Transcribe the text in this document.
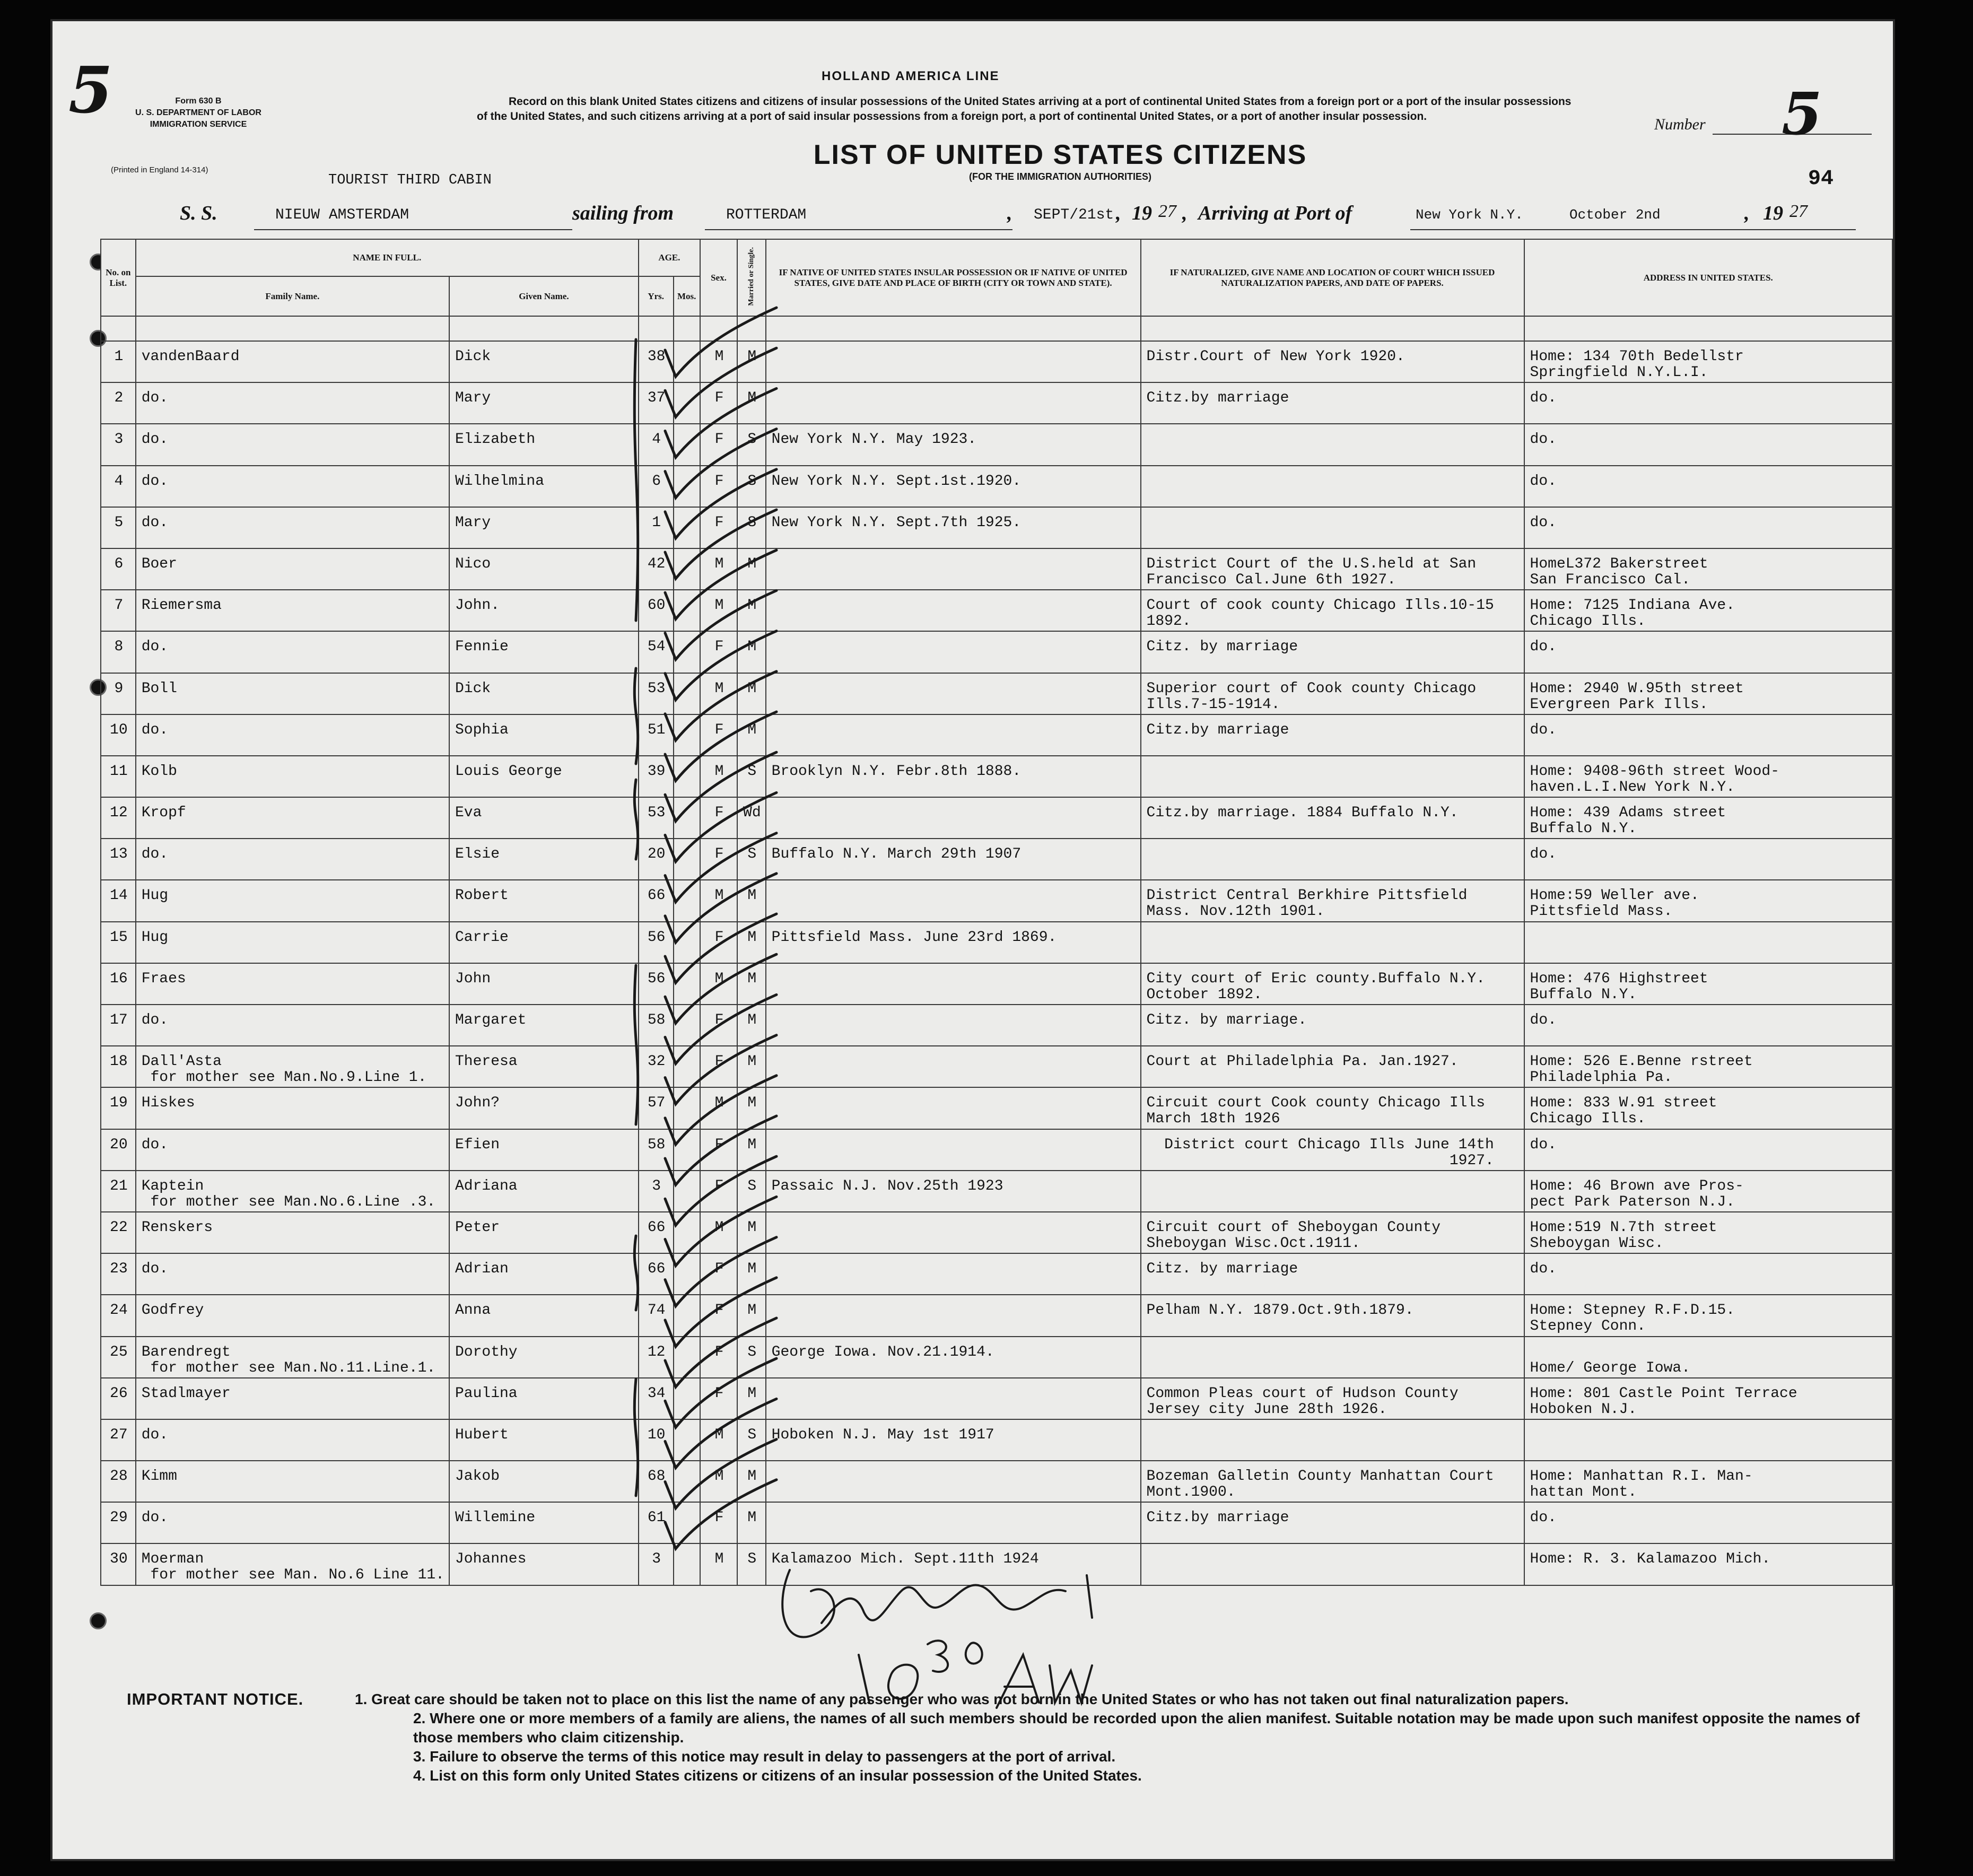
5	Form 630 B
U. S. DEPARTMENT OF LABOR
IMMIGRATION SERVICE
(Printed in England 14-314)
HOLLAND AMERICA LINE
Record on this blank United States citizens and citizens of insular possessions of the United States arriving at a port of continental United States from a foreign port or a port of the insular possessions of the United States, and such citizens arriving at a port of said insular possessions from a foreign port, a port of continental United States, or a port of another insular possession.
LIST OF UNITED STATES CITIZENS
(FOR THE IMMIGRATION AUTHORITIES)
Number 5
TOURIST THIRD CABIN	94
S. S.	NIEUW AMSTERDAM	sailing from	ROTTERDAM	, SEPT/21st , 19 27 , Arriving at Port of	New York N.Y.	October 2nd	, 19 27
No. on List.	NAME IN FULL.		AGE.		Sex.	Married or Single.	IF NATIVE OF UNITED STATES INSULAR POSSESSION OR IF NATIVE OF UNITED STATES, GIVE DATE AND PLACE OF BIRTH (CITY OR TOWN AND STATE).	IF NATURALIZED, GIVE NAME AND LOCATION OF COURT WHICH ISSUED NATURALIZATION PAPERS, AND DATE OF PAPERS.	ADDRESS IN UNITED STATES.
	Family Name.	Given Name.	Yrs.	Mos.					

1	vandenBaard	Dick	38		M	M		Distr.Court of New York 1920.	Home: 134 70th Bedellstr
Springfield N.Y.L.I.

2	do.	Mary	37		F	M		Citz.by marriage	do.

3	do.	Elizabeth	4		F	S	New York N.Y. May 1923.		do.

4	do.	Wilhelmina	6		F	S	New York N.Y. Sept.1st.1920.		do.

5	do.	Mary	1		F	S	New York N.Y. Sept.7th 1925.		do.

6	Boer	Nico	42		M	M		District Court of the U.S.held at San
Francisco Cal.June 6th 1927.	HomeL372 Bakerstreet
San Francisco Cal.

7	Riemersma	John.	60		M	M		Court of cook county Chicago Ills.10-15
1892.	Home: 7125 Indiana Ave.
Chicago Ills.

8	do.	Fennie	54		F	M		Citz. by marriage	do.

9	Boll	Dick	53		M	M		Superior court of Cook county Chicago
Ills.7-15-1914.	Home: 2940 W.95th street
Evergreen Park Ills.

10	do.	Sophia	51		F	M		Citz.by marriage	do.

11	Kolb	Louis George	39		M	S	Brooklyn N.Y. Febr.8th 1888.		Home: 9408-96th street Wood-
haven.L.I.New York N.Y.

12	Kropf	Eva	53		F	Wd		Citz.by marriage. 1884 Buffalo N.Y.	Home: 439 Adams street
Buffalo N.Y.

13	do.	Elsie	20		F	S	Buffalo N.Y. March 29th 1907		do.

14	Hug	Robert	66		M	M		District Central Berkhire Pittsfield
Mass. Nov.12th 1901.	Home:59 Weller ave.
Pittsfield Mass.

15	Hug	Carrie	56		F	M	Pittsfield Mass. June 23rd 1869.		

16	Fraes	John	56		M	M		City court of Eric county.Buffalo N.Y.
October 1892.	Home: 476 Highstreet
Buffalo N.Y.

17	do.	Margaret	58		F	M		Citz. by marriage.	do.

18	Dall'Asta
for mother see Man.No.9.Line 1.	Theresa	32		F	M		Court at Philadelphia Pa. Jan.1927.	Home: 526 E.Benne rstreet
Philadelphia Pa.

19	Hiskes	John?	57		M	M		Circuit court Cook county Chicago Ills
March 18th 1926	Home: 833 W.91 street
Chicago Ills.

20	do.	Efien	58		F	M		District court Chicago Ills June 14th
1927.	do.

21	Kaptein
for mother see Man.No.6.Line .3.	Adriana	3		F	S	Passaic N.J. Nov.25th 1923		Home: 46 Brown ave Pros-
pect Park Paterson N.J.

22	Renskers	Peter	66		M	M		Circuit court of Sheboygan County
Sheboygan Wisc.Oct.1911.	Home:519 N.7th street
Sheboygan Wisc.

23	do.	Adrian	66		F	M		Citz. by marriage	do.

24	Godfrey	Anna	74		F	M		Pelham N.Y. 1879.Oct.9th.1879.	Home: Stepney R.F.D.15.
Stepney Conn.

25	Barendregt
for mother see Man.No.11.Line.1.	Dorothy	12		F	S	George Iowa. Nov.21.1914.		
Home/ George Iowa.

26	Stadlmayer	Paulina	34		F	M		Common Pleas court of Hudson County
Jersey city June 28th 1926.	Home: 801 Castle Point Terrace
Hoboken N.J.

27	do.	Hubert	10		M	S	Hoboken N.J. May 1st 1917		

28	Kimm	Jakob	68		M	M		Bozeman Galletin County Manhattan Court
Mont.1900.	Home: Manhattan R.I. Man-
hattan Mont.

29	do.	Willemine	61		F	M		Citz.by marriage	do.

30	Moerman
for mother see Man. No.6 Line 11.	Johannes	3		M	S	Kalamazoo Mich. Sept.11th 1924		Home: R. 3. Kalamazoo Mich.
IMPORTANT NOTICE.	1. Great care should be taken not to place on this list the name of any passenger who was not born in the United States or who has not taken out final naturalization papers.
2. Where one or more members of a family are aliens, the names of all such members should be recorded upon the alien manifest. Suitable notation may be made upon such manifest opposite the names of those members who claim citizenship.
3. Failure to observe the terms of this notice may result in delay to passengers at the port of arrival.
4. List on this form only United States citizens or citizens of an insular possession of the United States.
